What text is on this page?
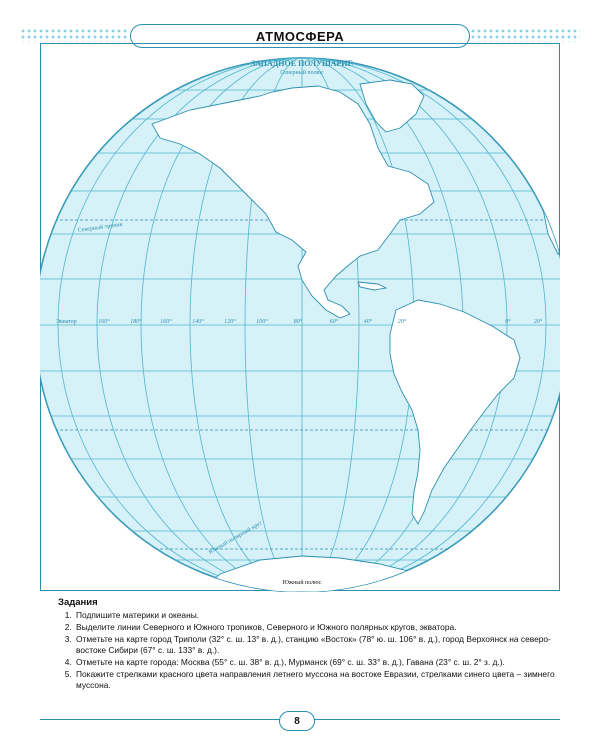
АТМОСФЕРА
ЗАПАДНОЕ ПОЛУШАРИЕ
Северный полюс
Южный полюс
Экватор
Северный тропик
Южный полярный круг
160°	180°	160°	140°	120°	100°	80°	60°	40°	20°	0°	20°
Задания
1. Подпишите материки и океаны.
2. Выделите линии Северного и Южного тропиков, Северного и Южного полярных кругов, экватора.
3. Отметьте на карте город Триполи (32° с. ш. 13° в. д.), станцию «Восток» (78° ю. ш. 106° в. д.), город Верхоянск на северо-востоке Сибири (67° с. ш. 133° в. д.).
4. Отметьте на карте города: Москва (55° с. ш. 38° в. д.), Мурманск (69° с. ш. 33° в. д.), Гавана (23° с. ш. 2° з. д.).
5. Покажите стрелками красного цвета направления летнего муссона на востоке Евразии, стрелками синего цвета – зимнего муссона.
8
